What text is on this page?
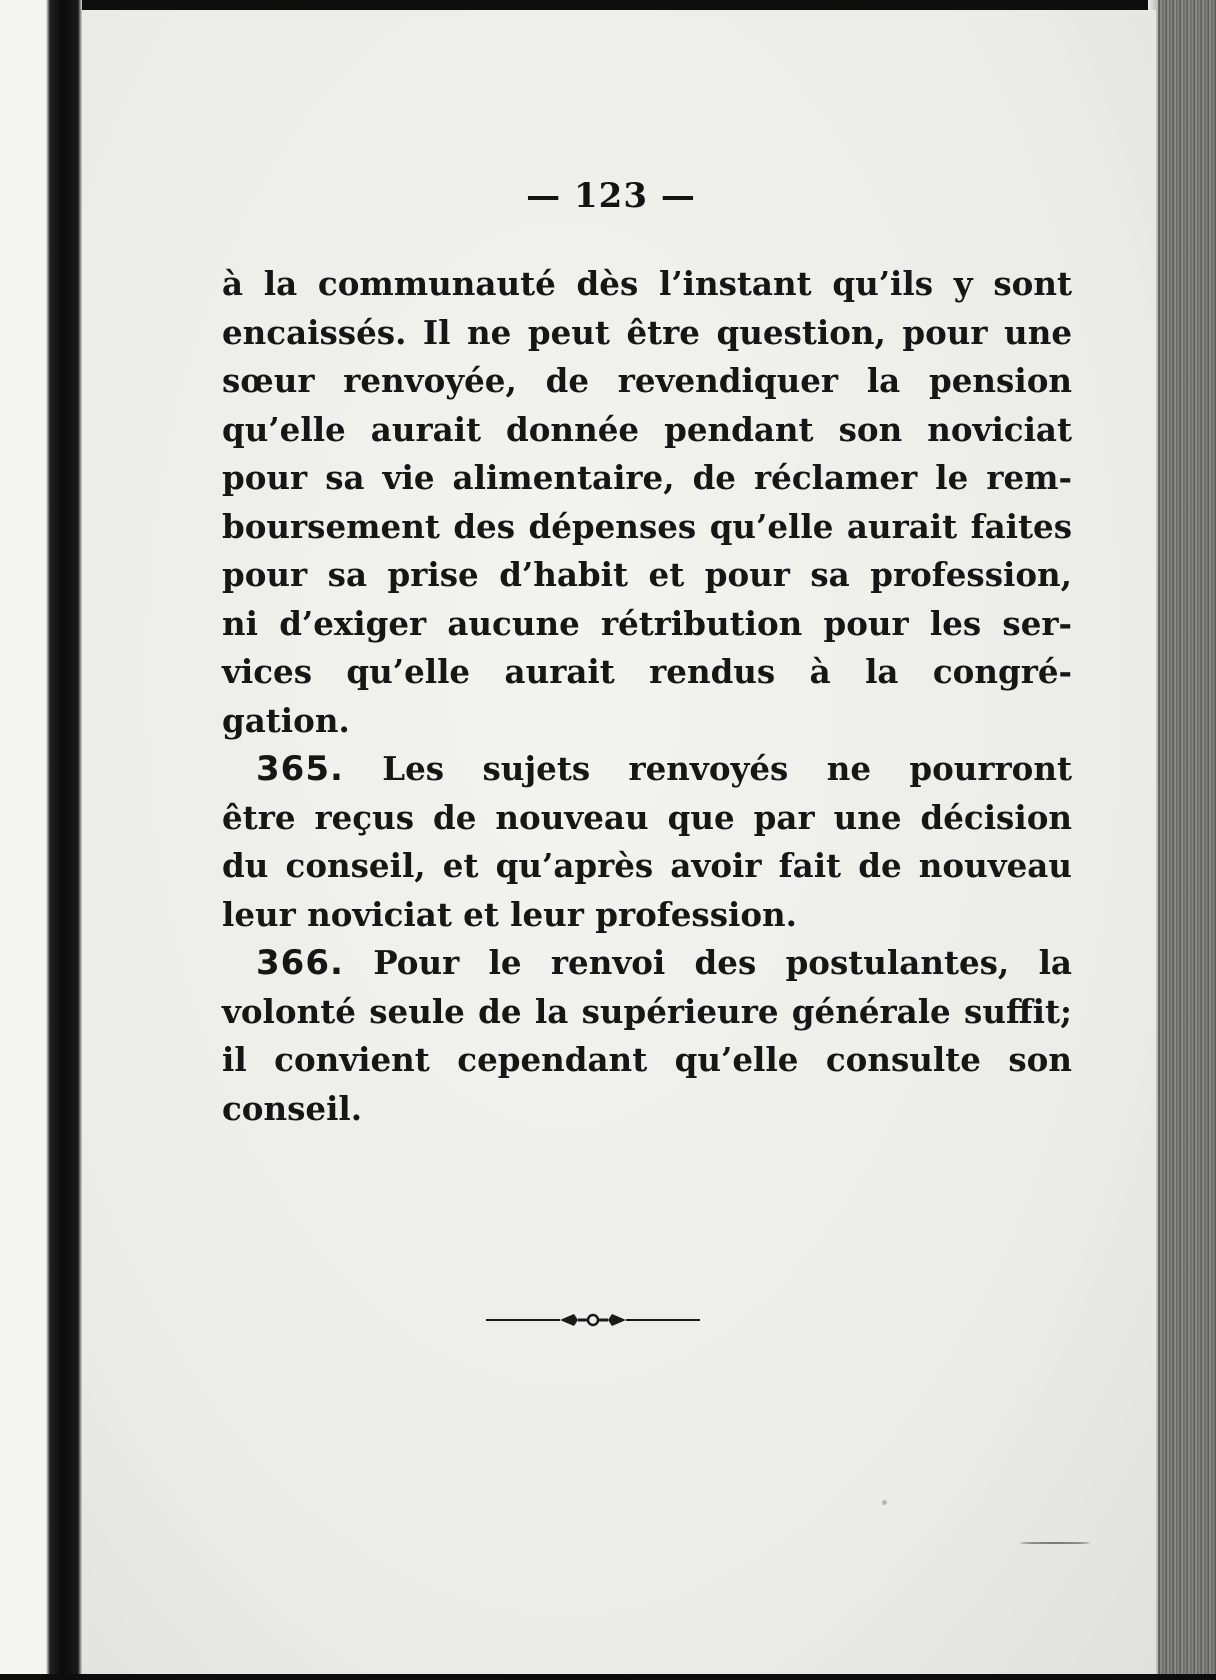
— 123 —
à la communauté dès l’instant qu’ils y sont
encaissés. Il ne peut être question, pour une
sœur renvoyée, de revendiquer la pension
qu’elle aurait donnée pendant son noviciat
pour sa vie alimentaire, de réclamer le rem-
boursement des dépenses qu’elle aurait faites
pour sa prise d’habit et pour sa profession,
ni d’exiger aucune rétribution pour les ser-
vices qu’elle aurait rendus à la congré-
gation.
365. Les sujets renvoyés ne pourront
être reçus de nouveau que par une décision
du conseil, et qu’après avoir fait de nouveau
leur noviciat et leur profession.
366. Pour le renvoi des postulantes, la
volonté seule de la supérieure générale suffit;
il convient cependant qu’elle consulte son
conseil.
